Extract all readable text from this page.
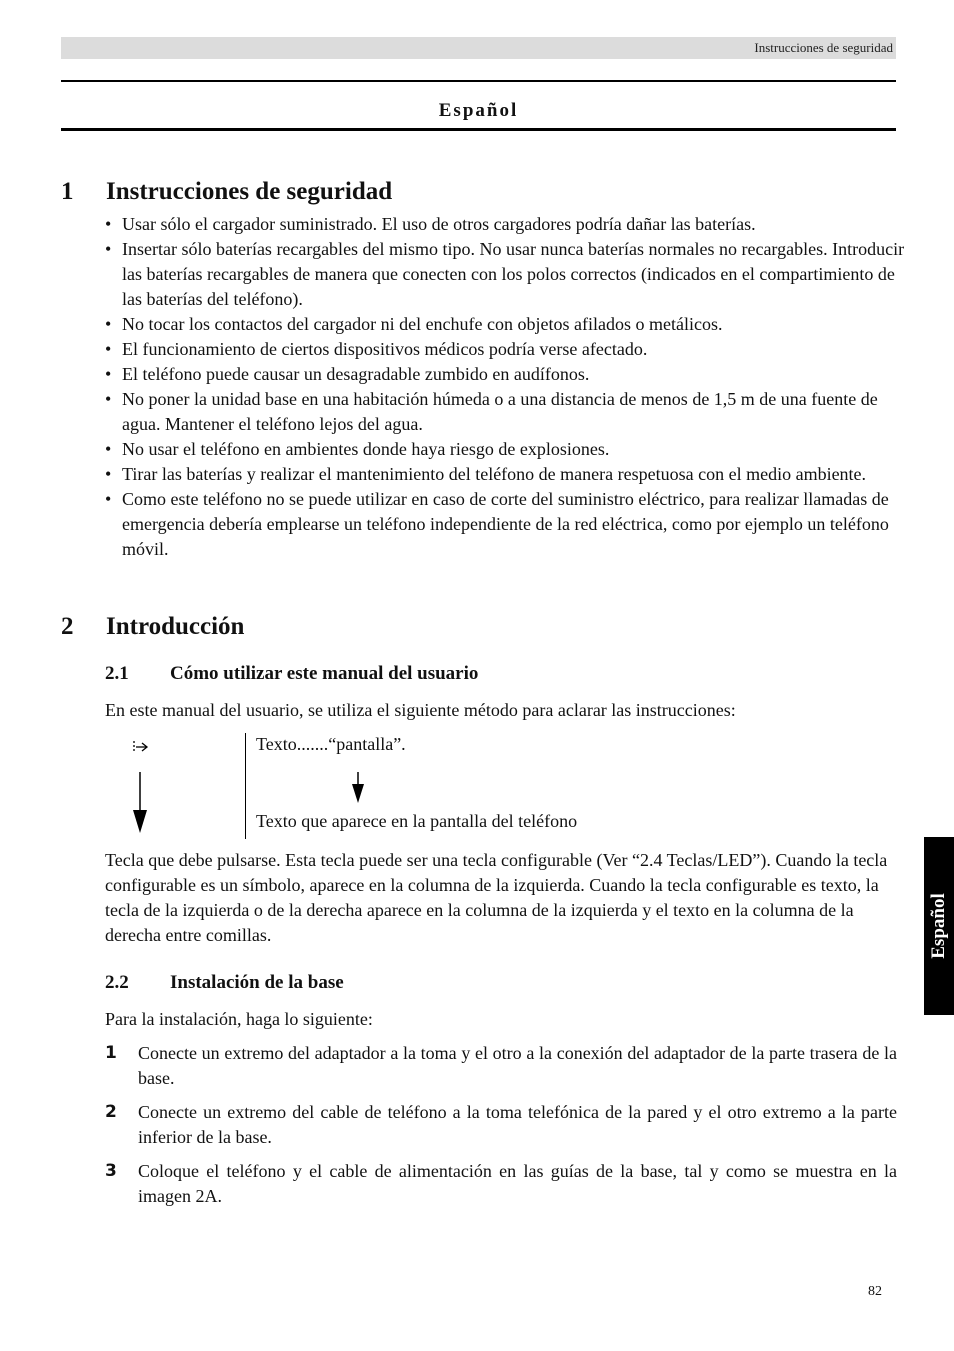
Instrucciones de seguridad
Español
1 Instrucciones de seguridad
• Usar sólo el cargador suministrado. El uso de otros cargadores podría dañar las baterías.
• Insertar sólo baterías recargables del mismo tipo. No usar nunca baterías normales no recargables. Introducir las baterías recargables de manera que conecten con los polos correctos (indicados en el compartimiento de las baterías del teléfono).
• No tocar los contactos del cargador ni del enchufe con objetos afilados o metálicos.
• El funcionamiento de ciertos dispositivos médicos podría verse afectado.
• El teléfono puede causar un desagradable zumbido en audífonos.
• No poner la unidad base en una habitación húmeda o a una distancia de menos de 1,5 m de una fuente de agua. Mantener el teléfono lejos del agua.
• No usar el teléfono en ambientes donde haya riesgo de explosiones.
• Tirar las baterías y realizar el mantenimiento del teléfono de manera respetuosa con el medio ambiente.
• Como este teléfono no se puede utilizar en caso de corte del suministro eléctrico, para realizar llamadas de emergencia debería emplearse un teléfono independiente de la red eléctrica, como por ejemplo un teléfono móvil.
2 Introducción
2.1 Cómo utilizar este manual del usuario

En este manual del usuario, se utiliza el siguiente método para aclarar las instrucciones:

Texto.......“pantalla”.
Texto que aparece en la pantalla del teléfono

Tecla que debe pulsarse. Esta tecla puede ser una tecla configurable (Ver “2.4 Teclas/LED”). Cuando la tecla configurable es un símbolo, aparece en la columna de la izquierda. Cuando la tecla configurable es texto, la tecla de la izquierda o de la derecha aparece en la columna de la izquierda y el texto en la columna de la derecha entre comillas.

2.2 Instalación de la base

Para la instalación, haga lo siguiente:

1 Conecte un extremo del adaptador a la toma y el otro a la conexión del adaptador de la parte trasera de la base.
2 Conecte un extremo del cable de teléfono a la toma telefónica de la pared y el otro extremo a la parte inferior de la base.
3 Coloque el teléfono y el cable de alimentación en las guías de la base, tal y como se muestra en la imagen 2A.
Español
82
